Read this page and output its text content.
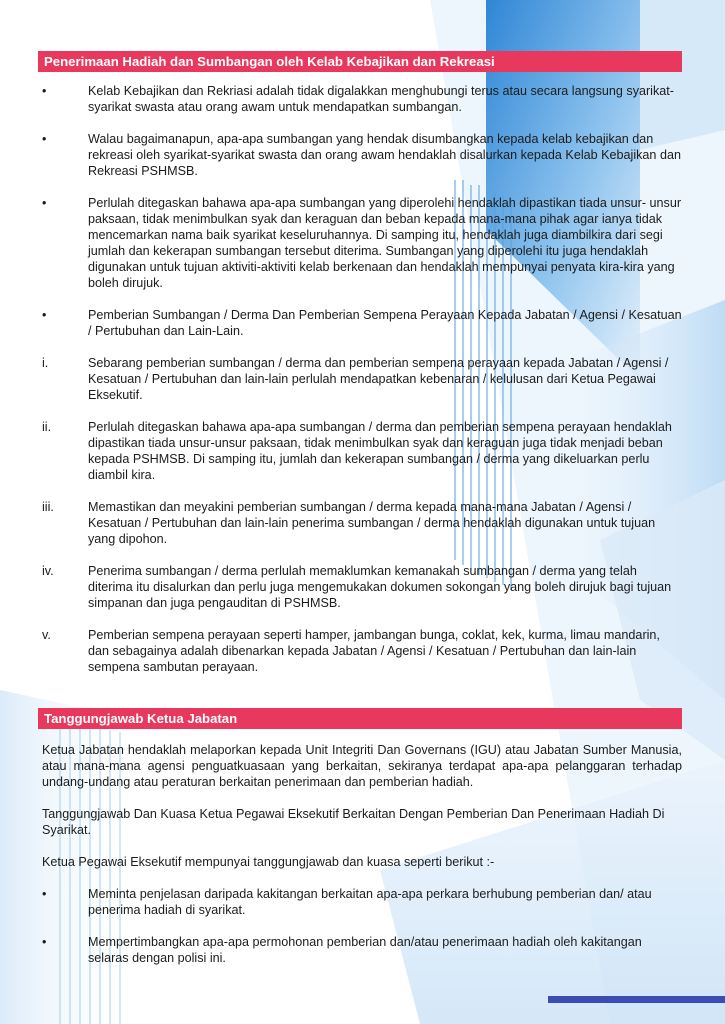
Penerimaan Hadiah dan Sumbangan oleh Kelab Kebajikan dan Rekreasi
•	Kelab Kebajikan dan Rekriasi adalah tidak digalakkan menghubungi terus atau secara langsung syarikat-syarikat swasta atau orang awam untuk mendapatkan sumbangan.
•	Walau bagaimanapun, apa-apa sumbangan yang hendak disumbangkan kepada kelab kebajikan dan rekreasi oleh syarikat-syarikat swasta dan orang awam hendaklah disalurkan kepada Kelab Kebajikan dan Rekreasi PSHMSB.
•	Perlulah ditegaskan bahawa apa-apa sumbangan yang diperolehi hendaklah dipastikan tiada unsur- unsur paksaan, tidak menimbulkan syak dan keraguan dan beban kepada mana-mana pihak agar ianya tidak mencemarkan nama baik syarikat keseluruhannya. Di samping itu, hendaklah juga diambilkira dari segi jumlah dan kekerapan sumbangan tersebut diterima. Sumbangan yang diperolehi itu juga hendaklah digunakan untuk tujuan aktiviti-aktiviti kelab berkenaan dan hendaklah mempunyai penyata kira-kira yang boleh dirujuk.
•	Pemberian Sumbangan / Derma Dan Pemberian Sempena Perayaan Kepada Jabatan / Agensi / Kesatuan / Pertubuhan dan Lain-Lain.
i.	Sebarang pemberian sumbangan / derma dan pemberian sempena perayaan kepada Jabatan / Agensi / Kesatuan / Pertubuhan dan lain-lain perlulah mendapatkan kebenaran / kelulusan dari Ketua Pegawai Eksekutif.
ii.	Perlulah ditegaskan bahawa apa-apa sumbangan / derma dan pemberian sempena perayaan hendaklah dipastikan tiada unsur-unsur paksaan, tidak menimbulkan syak dan keraguan juga tidak menjadi beban kepada PSHMSB. Di samping itu, jumlah dan kekerapan sumbangan / derma yang dikeluarkan perlu diambil kira.
iii.	Memastikan dan meyakini pemberian sumbangan / derma kepada mana-mana Jabatan / Agensi / Kesatuan / Pertubuhan dan lain-lain penerima sumbangan / derma hendaklah digunakan untuk tujuan yang dipohon.
iv.	Penerima sumbangan / derma perlulah memaklumkan kemanakah sumbangan / derma yang telah diterima itu disalurkan dan perlu juga mengemukakan dokumen sokongan yang boleh dirujuk bagi tujuan simpanan dan juga pengauditan di PSHMSB.
v.	Pemberian sempena perayaan seperti hamper, jambangan bunga, coklat, kek, kurma, limau mandarin, dan sebagainya adalah dibenarkan kepada Jabatan / Agensi / Kesatuan / Pertubuhan dan lain-lain sempena sambutan perayaan.
Tanggungjawab Ketua Jabatan
Ketua Jabatan hendaklah melaporkan kepada Unit Integriti Dan Governans (IGU) atau Jabatan Sumber Manusia, atau mana-mana agensi penguatkuasaan yang berkaitan, sekiranya terdapat apa-apa pelanggaran terhadap undang-undang atau peraturan berkaitan penerimaan dan pemberian hadiah.
Tanggungjawab Dan Kuasa Ketua Pegawai Eksekutif Berkaitan Dengan Pemberian Dan Penerimaan Hadiah Di Syarikat.
Ketua Pegawai Eksekutif mempunyai tanggungjawab dan kuasa seperti berikut :-
•	Meminta penjelasan daripada kakitangan berkaitan apa-apa perkara berhubung pemberian dan/ atau penerima hadiah di syarikat.
•	Mempertimbangkan apa-apa permohonan pemberian dan/atau penerimaan hadiah oleh kakitangan selaras dengan polisi ini.
